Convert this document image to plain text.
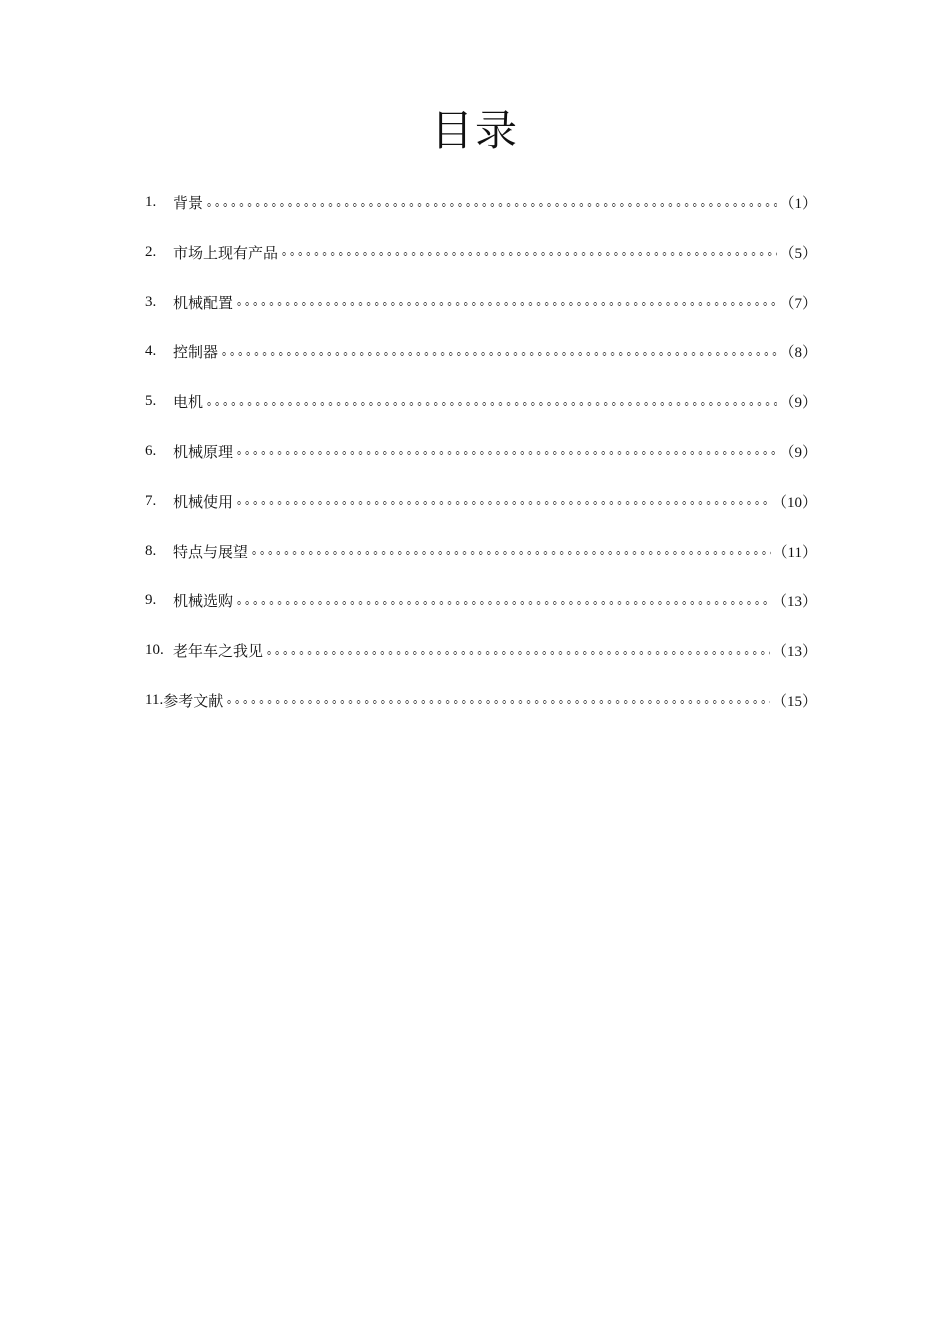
目录
1.	背景	（1）
2.	市场上现有产品	（5）
3.	机械配置	（7）
4.	控制器	（8）
5.	电机	（9）
6.	机械原理	（9）
7.	机械使用	（10）
8.	特点与展望	（11）
9.	机械选购	（13）
10. 老年车之我见	（13）
11. 参考文献	（15）
